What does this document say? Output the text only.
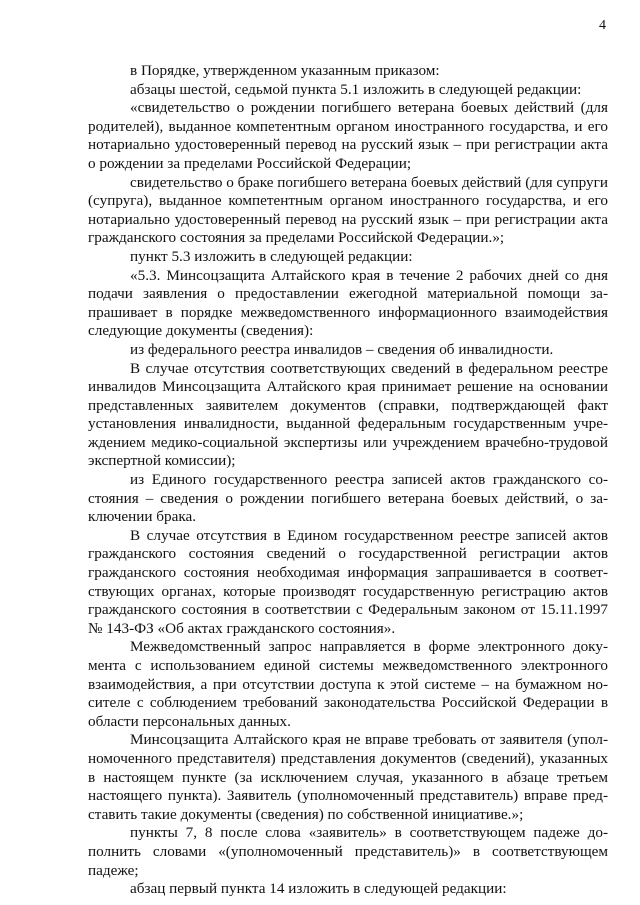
4

в Порядке, утвержденном указанным приказом:

абзацы шестой, седьмой пункта 5.1 изложить в следующей редакции:

«свидетельство о рождении погибшего ветерана боевых действий (для родителей), выданное компетентным органом иностранного государства, и его нотариально удостоверенный перевод на русский язык – при регистрации акта о рождении за пределами Российской Федерации;

свидетельство о браке погибшего ветерана боевых действий (для супруги (супруга), выданное компетентным органом иностранного государства, и его нотариально удостоверенный перевод на русский язык – при регистрации акта гражданского состояния за пределами Российской Федерации.»;

пункт 5.3 изложить в следующей редакции:

«5.3. Минсоцзащита Алтайского края в течение 2 рабочих дней со дня подачи заявления о предоставлении ежегодной материальной помощи запрашивает в порядке межведомственного информационного взаимодействия следующие документы (сведения):

из федерального реестра инвалидов – сведения об инвалидности.

В случае отсутствия соответствующих сведений в федеральном реестре инвалидов Минсоцзащита Алтайского края принимает решение на основании представленных заявителем документов (справки, подтверждающей факт установления инвалидности, выданной федеральным государственным учреждением медико-социальной экспертизы или учреждением врачебно-трудовой экспертной комиссии);

из Единого государственного реестра записей актов гражданского состояния – сведения о рождении погибшего ветерана боевых действий, о заключении брака.

В случае отсутствия в Едином государственном реестре записей актов гражданского состояния сведений о государственной регистрации актов гражданского состояния необходимая информация запрашивается в соответствующих органах, которые производят государственную регистрацию актов гражданского состояния в соответствии с Федеральным законом от 15.11.1997 № 143-ФЗ «Об актах гражданского состояния».

Межведомственный запрос направляется в форме электронного документа с использованием единой системы межведомственного электронного взаимодействия, а при отсутствии доступа к этой системе – на бумажном носителе с соблюдением требований законодательства Российской Федерации в области персональных данных.

Минсоцзащита Алтайского края не вправе требовать от заявителя (уполномоченного представителя) представления документов (сведений), указанных в настоящем пункте (за исключением случая, указанного в абзаце третьем настоящего пункта). Заявитель (уполномоченный представитель) вправе представить такие документы (сведения) по собственной инициативе.»;

пункты 7, 8 после слова «заявитель» в соответствующем падеже дополнить словами «(уполномоченный представитель)» в соответствующем падеже;

абзац первый пункта 14 изложить в следующей редакции:
